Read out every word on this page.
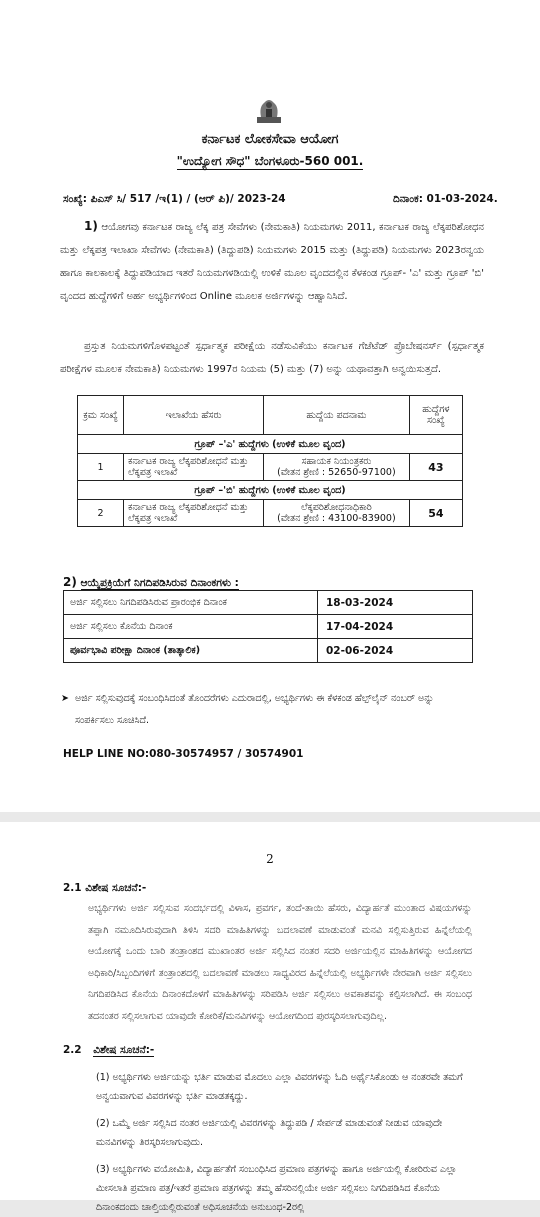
ಕರ್ನಾಟಕ ಲೋಕಸೇವಾ ಆಯೋಗ
"ಉದ್ಯೋಗ ಸೌಧ" ಬೆಂಗಳೂರು-560 001.
ಸಂಖ್ಯೆ: ಪಿಎಸ್ ಸಿ/ 517 /ಇ(1) / (ಆರ್ ಪಿ)/ 2023-24	ದಿನಾಂಕ: 01-03-2024.
1) ಆಯೋಗವು ಕರ್ನಾಟಕ ರಾಜ್ಯ ಲೆಕ್ಕ ಪತ್ರ ಸೇವೆಗಳು (ನೇಮಕಾತಿ) ನಿಯಮಗಳು 2011, ಕರ್ನಾಟಕ ರಾಜ್ಯ ಲೆಕ್ಕಪರಿಶೋಧನ ಮತ್ತು ಲೆಕ್ಕಪತ್ರ ಇಲಾಖಾ ಸೇವೆಗಳು (ನೇಮಕಾತಿ) (ತಿದ್ದುಪಡಿ) ನಿಯಮಗಳು 2015 ಮತ್ತು (ತಿದ್ದುಪಡಿ) ನಿಯಮಗಳು 2023ರನ್ವಯ ಹಾಗೂ ಕಾಲಕಾಲಕ್ಕೆ ತಿದ್ದುಪಡಿಯಾದ ಇತರೆ ನಿಯಮಗಳಡಿಯಲ್ಲಿ ಉಳಿಕೆ ಮೂಲ ವೃಂದದಲ್ಲಿನ ಕೆಳಕಂಡ ಗ್ರೂಪ್- 'ಎ' ಮತ್ತು ಗ್ರೂಪ್ 'ಬಿ' ವೃಂದದ ಹುದ್ದೆಗಳಿಗೆ ಅರ್ಹ ಅಭ್ಯರ್ಥಿಗಳಿಂದ Online ಮೂಲಕ ಅರ್ಜಿಗಳನ್ನು ಆಹ್ವಾನಿಸಿದೆ.
ಪ್ರಸ್ತುತ ನಿಯಮಗಳಿಗೊಳಪಟ್ಟಂತೆ ಸ್ಪರ್ಧಾತ್ಮಕ ಪರೀಕ್ಷೆಯ ನಡೆಸುವಿಕೆಯು ಕರ್ನಾಟಕ ಗೆಜೆಟೆಡ್ ಪ್ರೊಬೇಷನರ್ಸ್ (ಸ್ಪರ್ಧಾತ್ಮಕ ಪರೀಕ್ಷೆಗಳ ಮೂಲಕ ನೇಮಕಾತಿ) ನಿಯಮಗಳು 1997ರ ನಿಯಮ (5) ಮತ್ತು (7) ಅನ್ನು ಯಥಾವತ್ತಾಗಿ ಅನ್ವಯಿಸುತ್ತದೆ.
ಕ್ರಮ ಸಂಖ್ಯೆ	ಇಲಾಖೆಯ ಹೆಸರು	ಹುದ್ದೆಯ ಪದನಾಮ	ಹುದ್ದೆಗಳ ಸಂಖ್ಯೆ
ಗ್ರೂಪ್ –'ಎ' ಹುದ್ದೆಗಳು (ಉಳಿಕೆ ಮೂಲ ವೃಂದ)			
1	ಕರ್ನಾಟಕ ರಾಜ್ಯ ಲೆಕ್ಕಪರಿಶೋಧನೆ ಮತ್ತು ಲೆಕ್ಕಪತ್ರ ಇಲಾಖೆ	ಸಹಾಯಕ ನಿಯಂತ್ರಕರು
(ವೇತನ ಶ್ರೇಣಿ : 52650-97100)	43
ಗ್ರೂಪ್ –'ಬಿ' ಹುದ್ದೆಗಳು (ಉಳಿಕೆ ಮೂಲ ವೃಂದ)			
2	ಕರ್ನಾಟಕ ರಾಜ್ಯ ಲೆಕ್ಕಪರಿಶೋಧನೆ ಮತ್ತು ಲೆಕ್ಕಪತ್ರ ಇಲಾಖೆ	ಲೆಕ್ಕಪರಿಶೋಧನಾಧಿಕಾರಿ
(ವೇತನ ಶ್ರೇಣಿ : 43100-83900)	54
2) ಆಯ್ಕೆಪ್ರಕ್ರಿಯೆಗೆ ನಿಗದಿಪಡಿಸಿರುವ ದಿನಾಂಕಗಳು :
ಅರ್ಜಿ ಸಲ್ಲಿಸಲು ನಿಗದಿಪಡಿಸಿರುವ ಪ್ರಾರಂಭಿಕ ದಿನಾಂಕ	18-03-2024
ಅರ್ಜಿ ಸಲ್ಲಿಸಲು ಕೊನೆಯ ದಿನಾಂಕ	17-04-2024
ಪೂರ್ವಭಾವಿ ಪರೀಕ್ಷಾ ದಿನಾಂಕ (ತಾತ್ಕಾಲಿಕ)	02-06-2024
➤ ಅರ್ಜಿ ಸಲ್ಲಿಸುವುದಕ್ಕೆ ಸಂಬಂಧಿಸಿದಂತೆ ತೊಂದರೆಗಳು ಎದುರಾದಲ್ಲಿ, ಅಭ್ಯರ್ಥಿಗಳು ಈ ಕೆಳಕಂಡ ಹೆಲ್ಪ್‌ಲೈನ್ ನಂಬರ್ ಅನ್ನು ಸಂಪರ್ಕಿಸಲು ಸೂಚಿಸಿದೆ.
HELP LINE NO:080-30574957 / 30574901
2
2.1 ವಿಶೇಷ ಸೂಚನೆ:-
ಅಭ್ಯರ್ಥಿಗಳು ಅರ್ಜಿ ಸಲ್ಲಿಸುವ ಸಂದರ್ಭದಲ್ಲಿ ವಿಳಾಸ, ಪ್ರವರ್ಗ, ತಂದೆ-ತಾಯಿ ಹೆಸರು, ವಿದ್ಯಾರ್ಹತೆ ಮುಂತಾದ ವಿಷಯಗಳನ್ನು ತಪ್ಪಾಗಿ ನಮೂದಿಸಿರುವುದಾಗಿ ತಿಳಿಸಿ ಸದರಿ ಮಾಹಿತಿಗಳನ್ನು ಬದಲಾವಣೆ ಮಾಡುವಂತೆ ಮನವಿ ಸಲ್ಲಿಸುತ್ತಿರುವ ಹಿನ್ನೆಲೆಯಲ್ಲಿ ಆಯೋಗಕ್ಕೆ ಒಂದು ಬಾರಿ ತಂತ್ರಾಂಶದ ಮುಖಾಂತರ ಅರ್ಜಿ ಸಲ್ಲಿಸಿದ ನಂತರ ಸದರಿ ಅರ್ಜಿಯಲ್ಲಿನ ಮಾಹಿತಿಗಳನ್ನು ಆಯೋಗದ ಅಧಿಕಾರಿ/ಸಿಬ್ಬಂದಿಗಳಿಗೆ ತಂತ್ರಾಂಶದಲ್ಲಿ ಬದಲಾವಣೆ ಮಾಡಲು ಸಾಧ್ಯವಿರದ ಹಿನ್ನೆಲೆಯಲ್ಲಿ ಅಭ್ಯರ್ಥಿಗಳೇ ನೇರವಾಗಿ ಅರ್ಜಿ ಸಲ್ಲಿಸಲು ನಿಗದಿಪಡಿಸಿದ ಕೊನೆಯ ದಿನಾಂಕದೊಳಗೆ ಮಾಹಿತಿಗಳನ್ನು ಸರಿಪಡಿಸಿ ಅರ್ಜಿ ಸಲ್ಲಿಸಲು ಅವಕಾಶವನ್ನು ಕಲ್ಪಿಸಲಾಗಿದೆ. ಈ ಸಂಬಂಧ ತದನಂತರ ಸಲ್ಲಿಸಲಾಗುವ ಯಾವುದೇ ಕೋರಿಕೆ/ಮನವಿಗಳನ್ನು ಆಯೋಗದಿಂದ ಪುರಸ್ಕರಿಸಲಾಗುವುದಿಲ್ಲ.
2.2 ವಿಶೇಷ ಸೂಚನೆ:-
(1) ಅಭ್ಯರ್ಥಿಗಳು ಅರ್ಜಿಯನ್ನು ಭರ್ತಿ ಮಾಡುವ ಮೊದಲು ಎಲ್ಲಾ ವಿವರಗಳನ್ನು ಓದಿ ಅರ್ಥೈಸಿಕೊಂಡು ಆ ನಂತರವೇ ತಮಗೆ ಅನ್ವಯವಾಗುವ ವಿವರಗಳನ್ನು ಭರ್ತಿ ಮಾಡತಕ್ಕದ್ದು.
(2) ಒಮ್ಮೆ ಅರ್ಜಿ ಸಲ್ಲಿಸಿದ ನಂತರ ಅರ್ಜಿಯಲ್ಲಿ ವಿವರಗಳನ್ನು ತಿದ್ದುಪಡಿ / ಸೇರ್ಪಡೆ ಮಾಡುವಂತೆ ನೀಡುವ ಯಾವುದೇ ಮನವಿಗಳನ್ನು ತಿರಸ್ಕರಿಸಲಾಗುವುದು.
(3) ಅಭ್ಯರ್ಥಿಗಳು ವಯೋಮಿತಿ, ವಿದ್ಯಾರ್ಹತೆಗೆ ಸಂಬಂಧಿಸಿದ ಪ್ರಮಾಣ ಪತ್ರಗಳನ್ನು ಹಾಗೂ ಅರ್ಜಿಯಲ್ಲಿ ಕೋರಿರುವ ಎಲ್ಲಾ ಮೀಸಲಾತಿ ಪ್ರಮಾಣ ಪತ್ರ/ಇತರೆ ಪ್ರಮಾಣ ಪತ್ರಗಳನ್ನು ತಮ್ಮ ಹೆಸರಿನಲ್ಲಿಯೇ ಅರ್ಜಿ ಸಲ್ಲಿಸಲು ನಿಗದಿಪಡಿಸಿದ ಕೊನೆಯ ದಿನಾಂಕದಂದು ಚಾಲ್ತಿಯಲ್ಲಿರುವಂತೆ ಅಧಿಸೂಚನೆಯ ಅನುಬಂಧ-2ರಲ್ಲಿ
